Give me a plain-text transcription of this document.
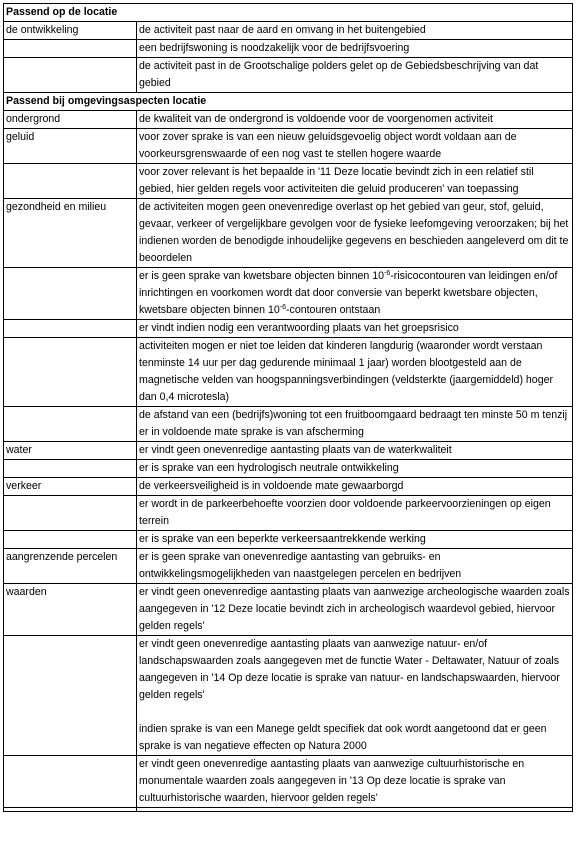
Passend op de locatie	
de ontwikkeling	de activiteit past naar de aard en omvang in het buitengebied
	een bedrijfswoning is noodzakelijk voor de bedrijfsvoering
	de activiteit past in de Grootschalige polders gelet op de Gebiedsbeschrijving van dat gebied
Passend bij omgevingsaspecten locatie	
ondergrond	de kwaliteit van de ondergrond is voldoende voor de voorgenomen activiteit
geluid	voor zover sprake is van een nieuw geluidsgevoelig object wordt voldaan aan de voorkeursgrenswaarde of een nog vast te stellen hogere waarde
	voor zover relevant is het bepaalde in '11 Deze locatie bevindt zich in een relatief stil gebied, hier gelden regels voor activiteiten die geluid produceren' van toepassing
gezondheid en milieu	de activiteiten mogen geen onevenredige overlast op het gebied van geur, stof, geluid, gevaar, verkeer of vergelijkbare gevolgen voor de fysieke leefomgeving veroorzaken; bij het indienen worden de benodigde inhoudelijke gegevens en beschieden aangeleverd om dit te beoordelen
	er is geen sprake van kwetsbare objecten binnen $10^{-6}$-risicocontouren van leidingen en/of inrichtingen en voorkomen wordt dat door conversie van beperkt kwetsbare objecten, kwetsbare objecten binnen $10^{-6}$-contouren ontstaan
	er vindt indien nodig een verantwoording plaats van het groepsrisico
	activiteiten mogen er niet toe leiden dat kinderen langdurig (waaronder wordt verstaan tenminste 14 uur per dag gedurende minimaal 1 jaar) worden blootgesteld aan de magnetische velden van hoogspanningsverbindingen (veldsterkte (jaargemiddeld) hoger dan 0,4 microtesla)
	de afstand van een (bedrijfs)woning tot een fruitboomgaard bedraagt ten minste 50 m tenzij er in voldoende mate sprake is van afscherming
water	er vindt geen onevenredige aantasting plaats van de waterkwaliteit
	er is sprake van een hydrologisch neutrale ontwikkeling
verkeer	de verkeersveiligheid is in voldoende mate gewaarborgd
	er wordt in de parkeerbehoefte voorzien door voldoende parkeervoorzieningen op eigen terrein
	er is sprake van een beperkte verkeersaantrekkende werking
aangrenzende percelen	er is geen sprake van onevenredige aantasting van gebruiks- en ontwikkelingsmogelijkheden van naastgelegen percelen en bedrijven
waarden	er vindt geen onevenredige aantasting plaats van aanwezige archeologische waarden zoals aangegeven in '12 Deze locatie bevindt zich in archeologisch waardevol gebied, hiervoor gelden regels'
	er vindt geen onevenredige aantasting plaats van aanwezige natuur- en/of landschapswaarden zoals aangegeven met de functie Water - Deltawater, Natuur of zoals aangegeven in '14 Op deze locatie is sprake van natuur- en landschapswaarden, hiervoor gelden regels'
indien sprake is van een Manege geldt specifiek dat ook wordt aangetoond dat er geen sprake is van negatieve effecten op Natura 2000
	er vindt geen onevenredige aantasting plaats van aanwezige cultuurhistorische en monumentale waarden zoals aangegeven in '13 Op deze locatie is sprake van cultuurhistorische waarden, hiervoor gelden regels'
